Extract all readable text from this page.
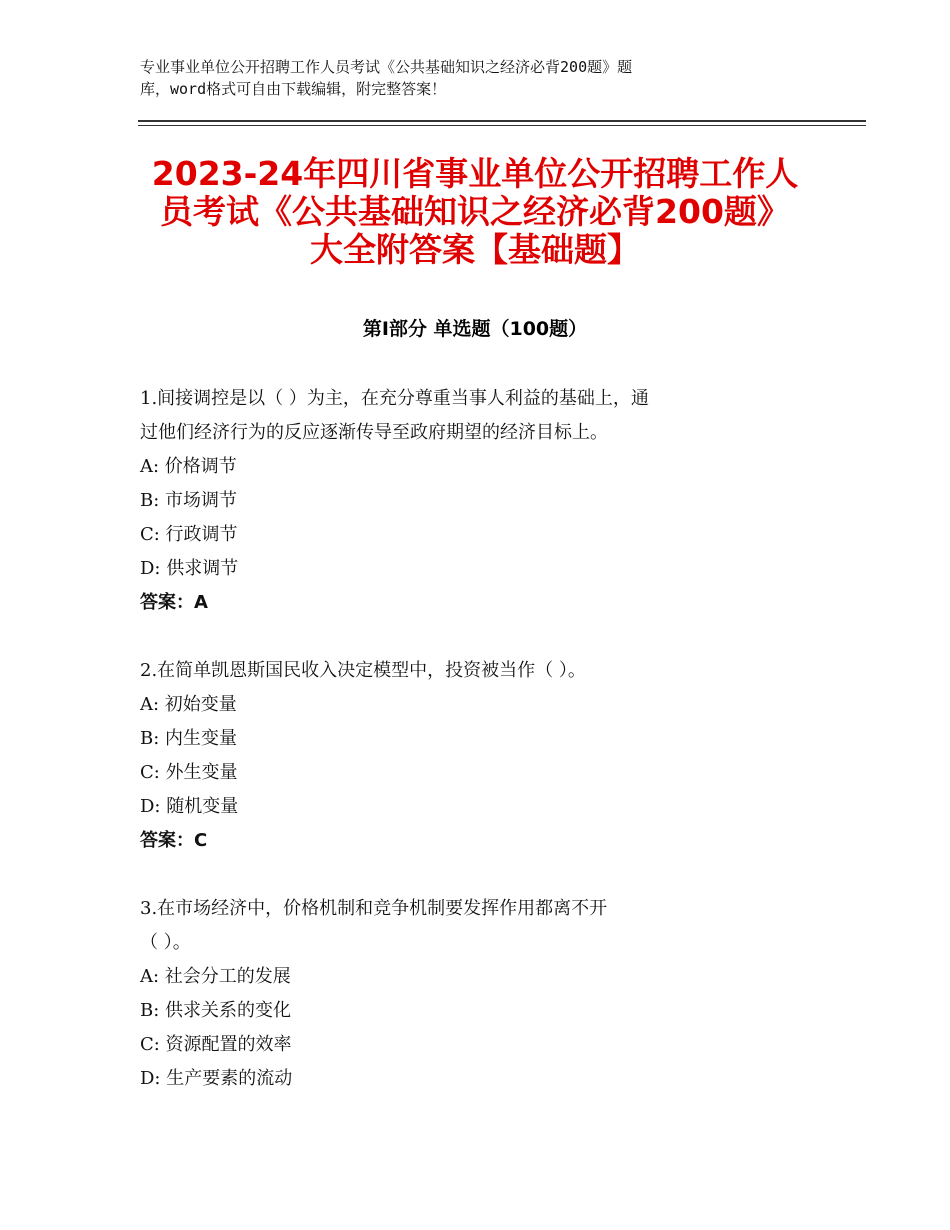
专业事业单位公开招聘工作人员考试《公共基础知识之经济必背200题》题
库，word格式可自由下载编辑，附完整答案！
2023-24年四川省事业单位公开招聘工作人
员考试《公共基础知识之经济必背200题》
大全附答案【基础题】
第Ⅰ部分 单选题（100题）
1.间接调控是以（ ）为主，在充分尊重当事人利益的基础上，通
过他们经济行为的反应逐渐传导至政府期望的经济目标上。
A: 价格调节
B: 市场调节
C: 行政调节
D: 供求调节
答案：A
2.在简单凯恩斯国民收入决定模型中，投资被当作（ ）。
A: 初始变量
B: 内生变量
C: 外生变量
D: 随机变量
答案：C
3.在市场经济中，价格机制和竞争机制要发挥作用都离不开
（ ）。
A: 社会分工的发展
B: 供求关系的变化
C: 资源配置的效率
D: 生产要素的流动
